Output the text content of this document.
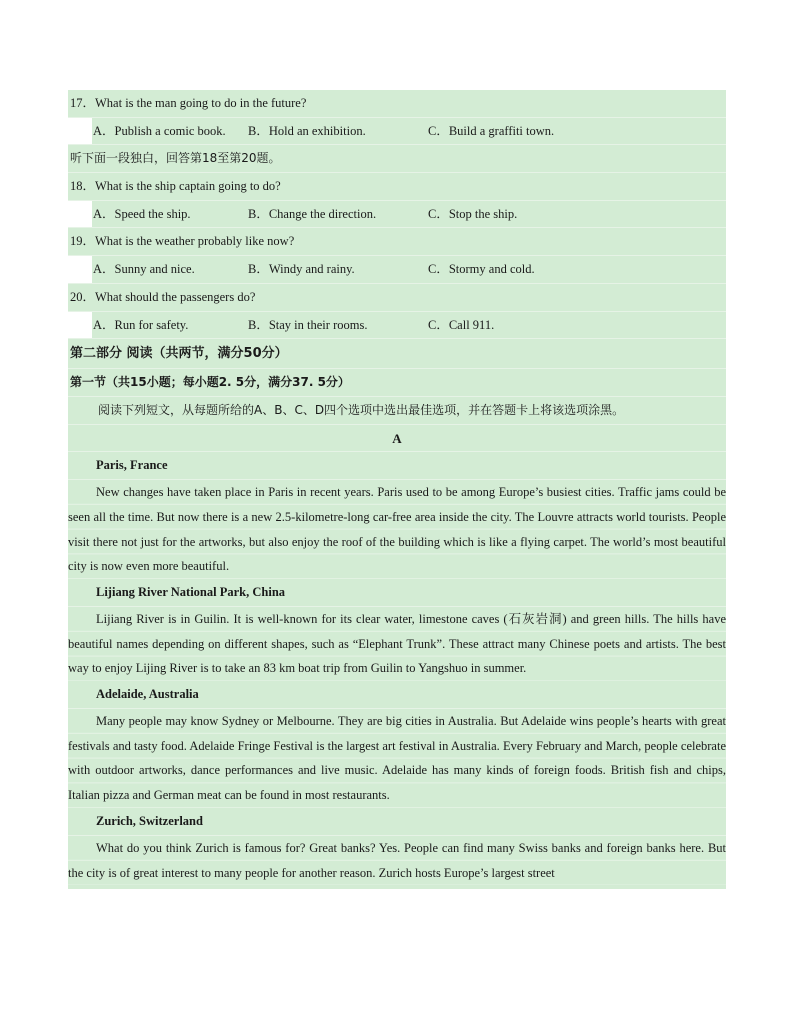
17．What is the man going to do in the future?
A．Publish a comic book. B．Hold an exhibition.	C．Build a graffiti town.
听下面一段独白，回答第18至第20题。
18．What is the ship captain going to do?
A．Speed the ship.	B．Change the direction.	C．Stop the ship.
19．What is the weather probably like now?
A．Sunny and nice.	B．Windy and rainy.	C．Stormy and cold.
20．What should the passengers do?
A．Run for safety.	B．Stay in their rooms.	C．Call 911.
第二部分 阅读（共两节，满分50分）
第一节（共15小题；每小题2. 5分，满分37. 5分）
阅读下列短文，从每题所给的A、B、C、D四个选项中选出最佳选项，并在答题卡上将该选项涂黑。
A
Paris, France

New changes have taken place in Paris in recent years. Paris used to be among Europe’s busiest cities. Traffic jams could be seen all the time. But now there is a new 2.5-kilometre-long car-free area inside the city. The Louvre attracts world tourists. People visit there not just for the artworks, but also enjoy the roof of the building which is like a flying carpet. The world’s most beautiful city is now even more beautiful.

Lijiang River National Park, China

Lijiang River is in Guilin. It is well-known for its clear water, limestone caves (石灰岩洞) and green hills. The hills have beautiful names depending on different shapes, such as “Elephant Trunk”. These attract many Chinese poets and artists. The best way to enjoy Lijing River is to take an 83 km boat trip from Guilin to Yangshuo in summer.

Adelaide, Australia

Many people may know Sydney or Melbourne. They are big cities in Australia. But Adelaide wins people’s hearts with great festivals and tasty food. Adelaide Fringe Festival is the largest art festival in Australia. Every February and March, people celebrate with outdoor artworks, dance performances and live music. Adelaide has many kinds of foreign foods. British fish and chips, Italian pizza and German meat can be found in most restaurants.

Zurich, Switzerland

What do you think Zurich is famous for? Great banks? Yes. People can find many Swiss banks and foreign banks here. But the city is of great interest to many people for another reason. Zurich hosts Europe’s largest street
